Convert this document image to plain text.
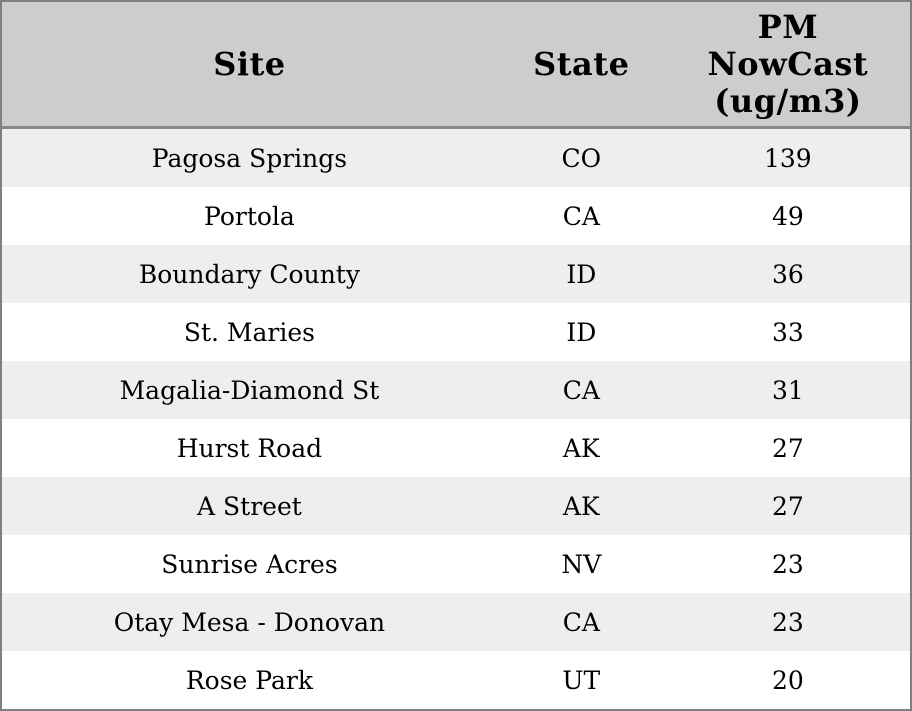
Site	State	PM
NowCast
(ug/m3)

Pagosa Springs	CO	139
Portola	CA	49
Boundary County	ID	36
St. Maries	ID	33
Magalia-Diamond St	CA	31
Hurst Road	AK	27
A Street	AK	27
Sunrise Acres	NV	23
Otay Mesa - Donovan	CA	23
Rose Park	UT	20
